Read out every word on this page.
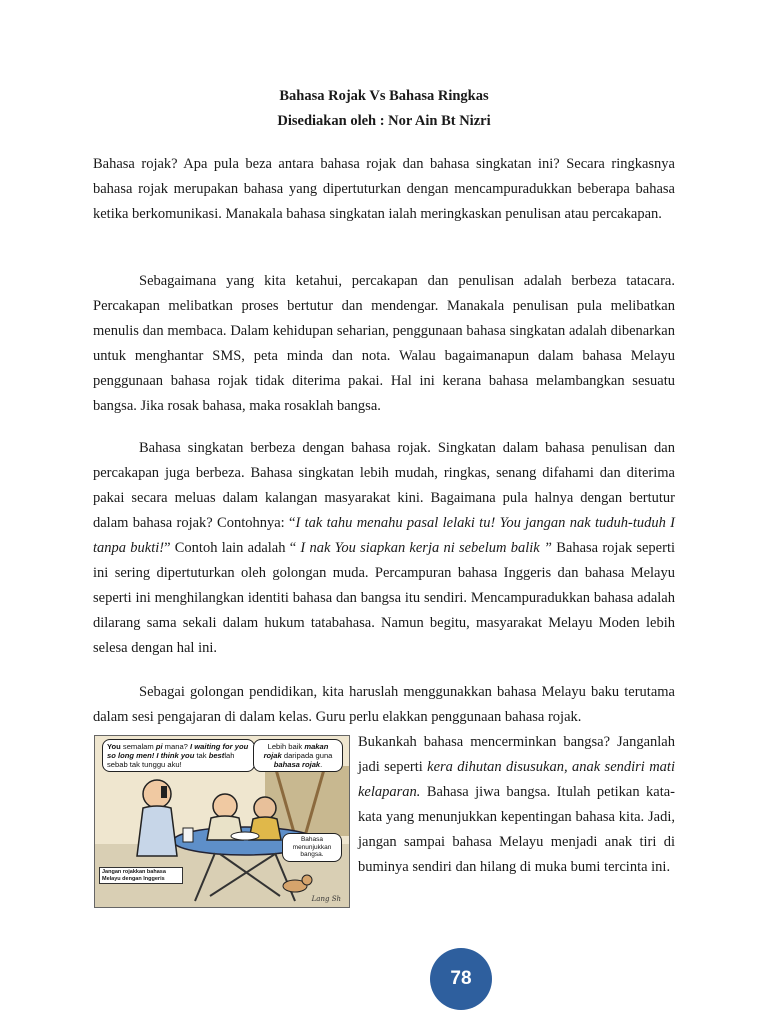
Bahasa Rojak Vs Bahasa Ringkas
Disediakan oleh : Nor Ain Bt Nizri

Bahasa rojak? Apa pula beza antara bahasa rojak dan bahasa singkatan ini? Secara ringkasnya bahasa rojak merupakan bahasa yang dipertuturkan dengan mencampuradukkan beberapa bahasa ketika berkomunikasi. Manakala bahasa singkatan ialah meringkaskan penulisan atau percakapan.

Sebagaimana yang kita ketahui, percakapan dan penulisan adalah berbeza tatacara. Percakapan melibatkan proses bertutur dan mendengar. Manakala penulisan pula melibatkan menulis dan membaca. Dalam kehidupan seharian, penggunaan bahasa singkatan adalah dibenarkan untuk menghantar SMS, peta minda dan nota. Walau bagaimanapun dalam bahasa Melayu penggunaan bahasa rojak tidak diterima pakai. Hal ini kerana bahasa melambangkan sesuatu bangsa. Jika rosak bahasa, maka rosaklah bangsa.

Bahasa singkatan berbeza dengan bahasa rojak. Singkatan dalam bahasa penulisan dan percakapan juga berbeza. Bahasa singkatan lebih mudah, ringkas, senang difahami dan diterima pakai secara meluas dalam kalangan masyarakat kini. Bagaimana pula halnya dengan bertutur dalam bahasa rojak? Contohnya: “I tak tahu menahu pasal lelaki tu! You jangan nak tuduh-tuduh I tanpa bukti!” Contoh lain adalah “ I nak You siapkan kerja ni sebelum balik ” Bahasa rojak seperti ini sering dipertuturkan oleh golongan muda. Percampuran bahasa Inggeris dan bahasa Melayu seperti ini menghilangkan identiti bahasa dan bangsa itu sendiri. Mencampuradukkan bahasa adalah dilarang sama sekali dalam hukum tatabahasa. Namun begitu, masyarakat Melayu Moden lebih selesa dengan hal ini.

Sebagai golongan pendidikan, kita haruslah menggunakkan bahasa Melayu baku terutama dalam sesi pengajaran di dalam kelas. Guru perlu elakkan penggunaan bahasa rojak.

You semalam pi mana? I waiting for you so long men! I think you tak bestlah sebab tak tunggu aku!
Lebih baik makan rojak daripada guna bahasa rojak.
Bahasa menunjukkan bangsa.
Jangan rojakkan bahasa Melayu dengan Inggeris
Lang Sh

Bukankah bahasa mencerminkan bangsa? Janganlah jadi seperti kera dihutan disusukan, anak sendiri mati kelaparan. Bahasa jiwa bangsa. Itulah petikan kata-kata yang menunjukkan kepentingan bahasa kita. Jadi, jangan sampai bahasa Melayu menjadi anak tiri di buminya sendiri dan hilang di muka bumi tercinta ini.

78
